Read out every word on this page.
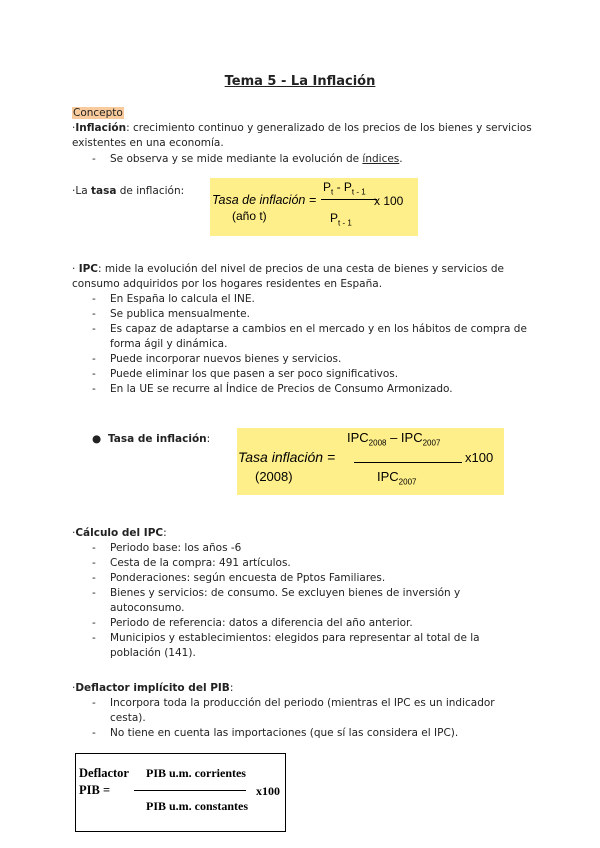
Tema 5 - La Inflación
Concepto
·Inflación: crecimiento continuo y generalizado de los precios de los bienes y servicios existentes en una economía.
- Se observa y se mide mediante la evolución de índices.
·La tasa de inflación:
Tasa de inflación =
(año t)
$P_t - P_{t - 1}$
$P_{t - 1}$
x 100
· IPC: mide la evolución del nivel de precios de una cesta de bienes y servicios de consumo adquiridos por los hogares residentes en España.
- En España lo calcula el INE.
- Se publica mensualmente.
- Es capaz de adaptarse a cambios en el mercado y en los hábitos de compra de forma ágil y dinámica.
- Puede incorporar nuevos bienes y servicios.
- Puede eliminar los que pasen a ser poco significativos.
- En la UE se recurre al Índice de Precios de Consumo Armonizado.
● Tasa de inflación:	$IPC_{2008} - IPC_{2007}$
Tasa inflación =	x100
(2008)	$IPC_{2007}$
·Cálculo del IPC:
- Periodo base: los años -6
- Cesta de la compra: 491 artículos.
- Ponderaciones: según encuesta de Pptos Familiares.
- Bienes y servicios: de consumo. Se excluyen bienes de inversión y autoconsumo.
- Periodo de referencia: datos a diferencia del año anterior.
- Municipios y establecimientos: elegidos para representar al total de la población (141).
·Deflactor implícito del PIB:
- Incorpora toda la producción del periodo (mientras el IPC es un indicador cesta).
- No tiene en cuenta las importaciones (que sí las considera el IPC).
Deflactor
PIB =
PIB u.m. corrientes
x100
PIB u.m. constantes
